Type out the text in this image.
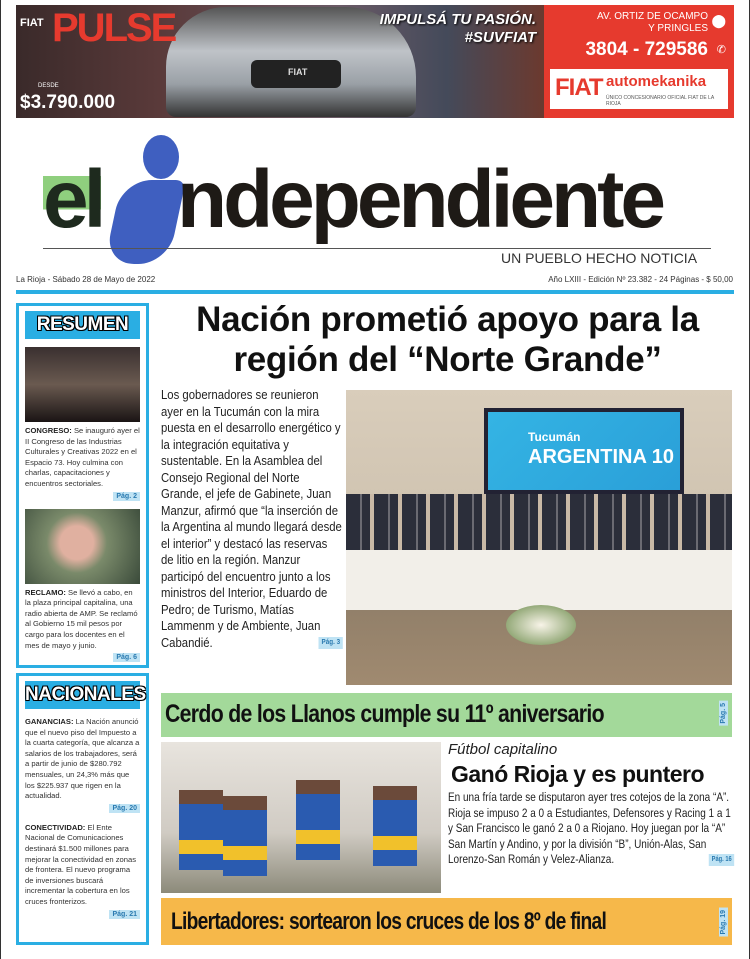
FIAT PULSE
DESDE
$3.790.000
IMPULSÁ TU PASIÓN.
#SUVFIAT
AV. ORTIZ DE OCAMPO
Y PRINGLES
⬤
3804 - 729586 ✆
FIAT automekanika
ÚNICO CONCESIONARIO OFICIAL FIAT DE LA RIOJA
FIAT
el ndependiente
UN PUEBLO HECHO NOTICIA
La Rioja - Sábado 28 de Mayo de 2022	Año LXIII - Edición Nº 23.382 - 24 Páginas - $ 50,00
RESUMEN
CONGRESO: Se inauguró ayer el II Congreso de las Industrias Culturales y Creativas 2022 en el Espacio 73. Hoy culmina con charlas, capacitaciones y encuentros sectoriales.
Pág. 2
RECLAMO: Se llevó a cabo, en la plaza principal capitalina, una radio abierta de AMP. Se reclamó al Gobierno 15 mil pesos por cargo para los docentes en el mes de mayo y junio.
Pág. 6
NACIONALES
GANANCIAS: La Nación anunció que el nuevo piso del Impuesto a la cuarta categoría, que alcanza a salarios de los trabajadores, será a partir de junio de $280.792 mensuales, un 24,3% más que los $225.937 que rigen en la actualidad.
Pág. 20
CONECTIVIDAD: El Ente Nacional de Comunicaciones destinará $1.500 millones para mejorar la conectividad en zonas de frontera. El nuevo programa de inversiones buscará incrementar la cobertura en los cruces fronterizos.
Pág. 21
Nación prometió apoyo para la región del “Norte Grande”
Los gobernadores se reunieron ayer en la Tucumán con la mira puesta en el desarrollo energético y la integración equitativa y sustentable. En la Asamblea del Consejo Regional del Norte Grande, el jefe de Gabinete, Juan Manzur, afirmó que “la inserción de la Argentina al mundo llegará desde el interior” y destacó las reservas de litio en la región. Manzur participó del encuentro junto a los ministros del Interior, Eduardo de Pedro; de Turismo, Matías Lammenm y de Ambiente, Juan Cabandié.	Pág. 3
Tucumán
ARGENTINA 10
Cerdo de los Llanos cumple su 11º aniversario	Pág. 5
Fútbol capitalino
Ganó Rioja y es puntero
En una fría tarde se disputaron ayer tres cotejos de la zona “A”. Rioja se impuso 2 a 0 a Estudiantes, Defensores y Racing 1 a 1 y San Francisco le ganó 2 a 0 a Riojano. Hoy juegan por la “A” San Martín y Andino, y por la división “B”, Unión-Alas, San Lorenzo-San Román y Velez-Alianza.	Pág. 16
Libertadores: sortearon los cruces de los 8º de final	Pág. 19
